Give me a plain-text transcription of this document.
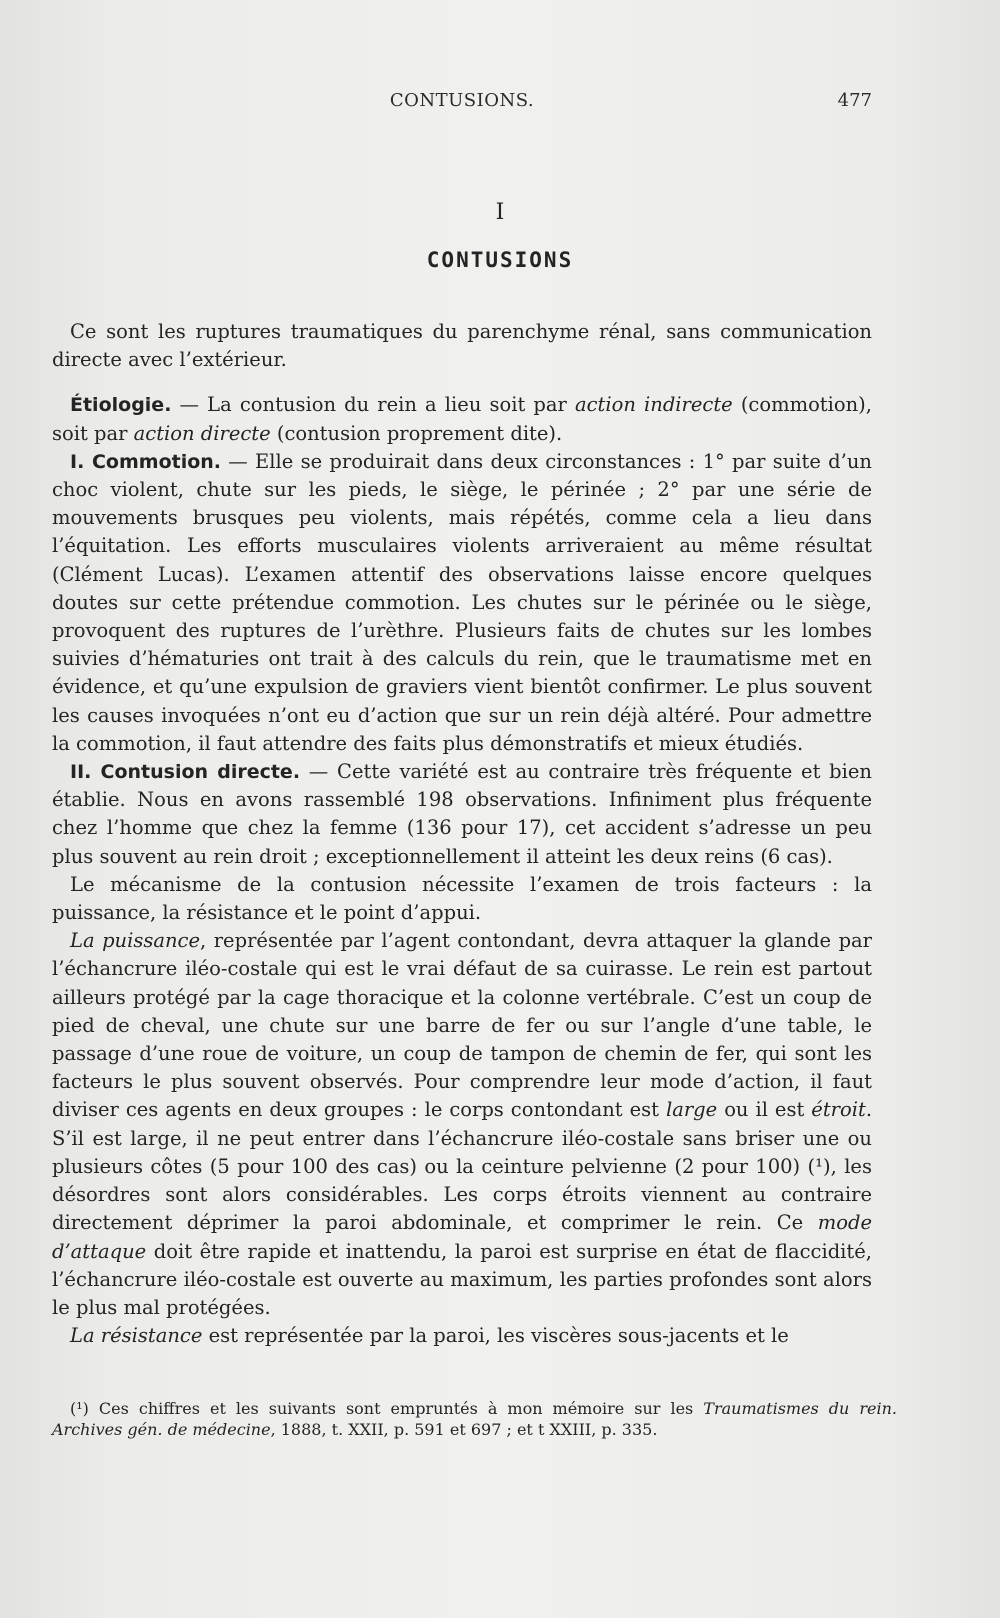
CONTUSIONS.	477
I
CONTUSIONS

Ce sont les ruptures traumatiques du parenchyme rénal, sans communication directe avec l’extérieur.

Étiologie. — La contusion du rein a lieu soit par action indirecte (commotion), soit par action directe (contusion proprement dite).

I. Commotion. — Elle se produirait dans deux circonstances : 1° par suite d’un choc violent, chute sur les pieds, le siège, le périnée ; 2° par une série de mouvements brusques peu violents, mais répétés, comme cela a lieu dans l’équitation. Les efforts musculaires violents arriveraient au même résultat (Clément Lucas). L’examen attentif des observations laisse encore quelques doutes sur cette prétendue commotion. Les chutes sur le périnée ou le siège, provoquent des ruptures de l’urèthre. Plusieurs faits de chutes sur les lombes suivies d’hématuries ont trait à des calculs du rein, que le traumatisme met en évidence, et qu’une expulsion de graviers vient bientôt confirmer. Le plus souvent les causes invoquées n’ont eu d’action que sur un rein déjà altéré. Pour admettre la commotion, il faut attendre des faits plus démonstratifs et mieux étudiés.

II. Contusion directe. — Cette variété est au contraire très fréquente et bien établie. Nous en avons rassemblé 198 observations. Infiniment plus fréquente chez l’homme que chez la femme (136 pour 17), cet accident s’adresse un peu plus souvent au rein droit ; exceptionnellement il atteint les deux reins (6 cas).

Le mécanisme de la contusion nécessite l’examen de trois facteurs : la puissance, la résistance et le point d’appui.

La puissance, représentée par l’agent contondant, devra attaquer la glande par l’échancrure iléo-costale qui est le vrai défaut de sa cuirasse. Le rein est partout ailleurs protégé par la cage thoracique et la colonne vertébrale. C’est un coup de pied de cheval, une chute sur une barre de fer ou sur l’angle d’une table, le passage d’une roue de voiture, un coup de tampon de chemin de fer, qui sont les facteurs le plus souvent observés. Pour comprendre leur mode d’action, il faut diviser ces agents en deux groupes : le corps contondant est large ou il est étroit. S’il est large, il ne peut entrer dans l’échancrure iléo-costale sans briser une ou plusieurs côtes (5 pour 100 des cas) ou la ceinture pelvienne (2 pour 100) (¹), les désordres sont alors considérables. Les corps étroits viennent au contraire directement déprimer la paroi abdominale, et comprimer le rein. Ce mode d’attaque doit être rapide et inattendu, la paroi est surprise en état de flaccidité, l’échancrure iléo-costale est ouverte au maximum, les parties profondes sont alors le plus mal protégées.

La résistance est représentée par la paroi, les viscères sous-jacents et le

(¹) Ces chiffres et les suivants sont empruntés à mon mémoire sur les Traumatismes du rein. Archives gén. de médecine, 1888, t. XXII, p. 591 et 697 ; et t XXIII, p. 335.
